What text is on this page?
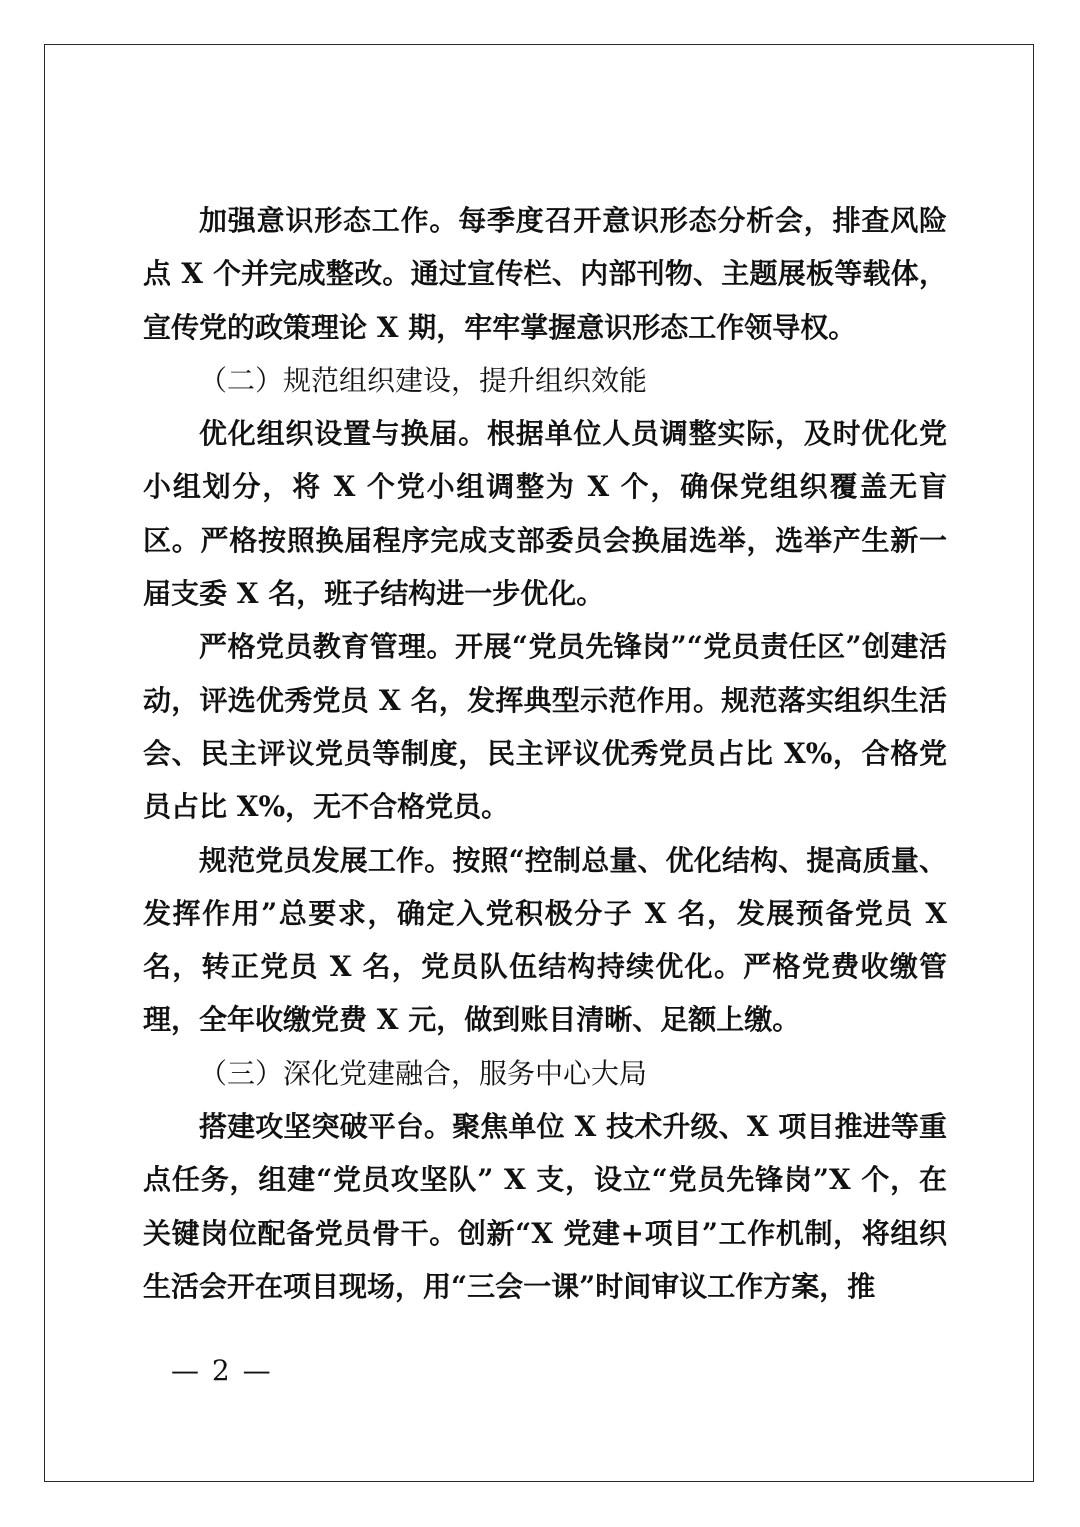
加强意识形态工作。每季度召开意识形态分析会，排查风险点 X 个并完成整改。通过宣传栏、内部刊物、主题展板等载体，宣传党的政策理论 X 期，牢牢掌握意识形态工作领导权。

（二）规范组织建设，提升组织效能

优化组织设置与换届。根据单位人员调整实际，及时优化党小组划分，将 X 个党小组调整为 X 个，确保党组织覆盖无盲区。严格按照换届程序完成支部委员会换届选举，选举产生新一届支委 X 名，班子结构进一步优化。

严格党员教育管理。开展“党员先锋岗”“党员责任区”创建活动，评选优秀党员 X 名，发挥典型示范作用。规范落实组织生活会、民主评议党员等制度，民主评议优秀党员占比 X%，合格党员占比 X%，无不合格党员。

规范党员发展工作。按照“控制总量、优化结构、提高质量、发挥作用”总要求，确定入党积极分子 X 名，发展预备党员 X 名，转正党员 X 名，党员队伍结构持续优化。严格党费收缴管理，全年收缴党费 X 元，做到账目清晰、足额上缴。

（三）深化党建融合，服务中心大局

搭建攻坚突破平台。聚焦单位 X 技术升级、X 项目推进等重点任务，组建“党员攻坚队” X 支，设立“党员先锋岗”X 个，在关键岗位配备党员骨干。创新“X 党建+项目”工作机制，将组织生活会开在项目现场，用“三会一课”时间审议工作方案，推

— 2 —
